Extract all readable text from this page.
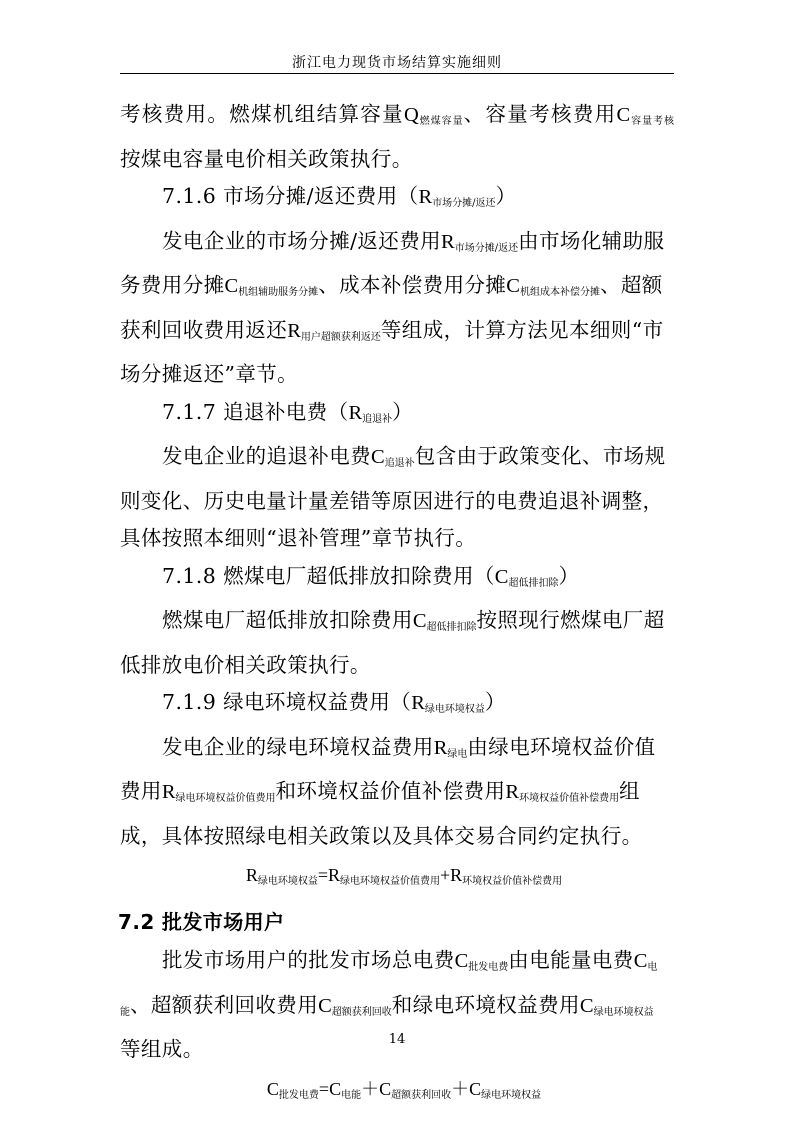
浙江电力现货市场结算实施细则

考核费用。燃煤机组结算容量Q燃煤容量、容量考核费用C容量考核

按煤电容量电价相关政策执行。

7.1.6 市场分摊/返还费用（R市场分摊/返还）

发电企业的市场分摊/返还费用R市场分摊/返还由市场化辅助服务费用分摊C机组辅助服务分摊、成本补偿费用分摊C机组成本补偿分摊、超额获利回收费用返还R用户超额获利返还等组成，计算方法见本细则“市场分摊返还”章节。

7.1.7 追退补电费（R追退补）

发电企业的追退补电费C追退补包含由于政策变化、市场规则变化、历史电量计量差错等原因进行的电费追退补调整，具体按照本细则“退补管理”章节执行。

7.1.8 燃煤电厂超低排放扣除费用（C超低排扣除）

燃煤电厂超低排放扣除费用C超低排扣除按照现行燃煤电厂超低排放电价相关政策执行。

7.1.9 绿电环境权益费用（R绿电环境权益）

发电企业的绿电环境权益费用R绿电由绿电环境权益价值费用R绿电环境权益价值费用和环境权益价值补偿费用R环境权益价值补偿费用组成，具体按照绿电相关政策以及具体交易合同约定执行。

R绿电环境权益=R绿电环境权益价值费用+R环境权益价值补偿费用

7.2 批发市场用户

批发市场用户的批发市场总电费C批发电费由电能量电费C电能、超额获利回收费用C超额获利回收和绿电环境权益费用C绿电环境权益等组成。

C批发电费=C电能＋C超额获利回收＋C绿电环境权益

14
